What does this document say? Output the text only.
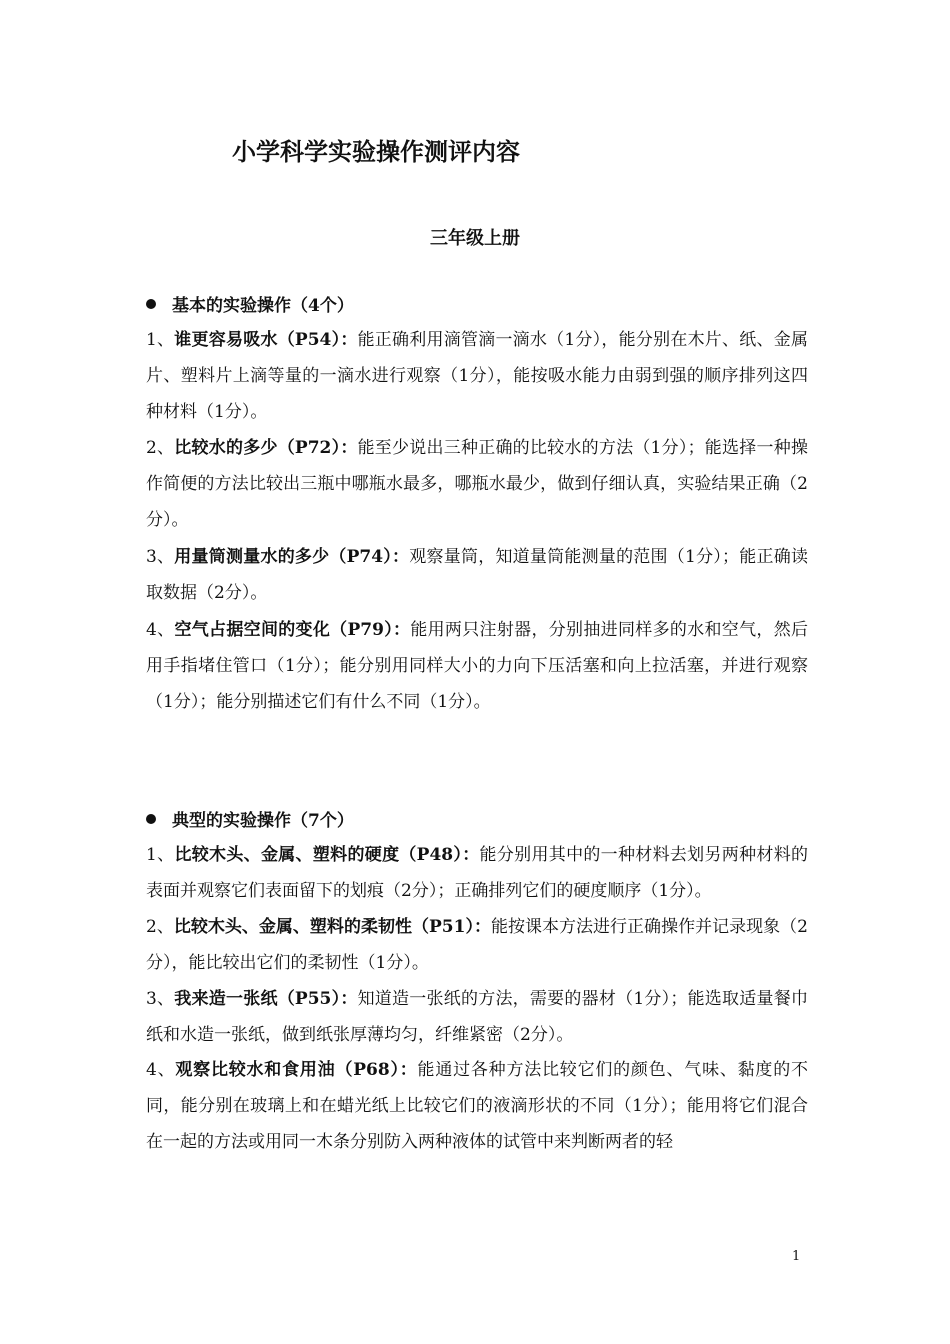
小学科学实验操作测评内容
三年级上册
基本的实验操作（4个）
1、谁更容易吸水（P54）：能正确利用滴管滴一滴水（1分），能分别在木片、纸、金属片、塑料片上滴等量的一滴水进行观察（1分），能按吸水能力由弱到强的顺序排列这四种材料（1分）。
2、比较水的多少（P72）：能至少说出三种正确的比较水的方法（1分）；能选择一种操作简便的方法比较出三瓶中哪瓶水最多，哪瓶水最少，做到仔细认真，实验结果正确（2分）。
3、用量筒测量水的多少（P74）：观察量筒，知道量筒能测量的范围（1分）；能正确读取数据（2分）。
4、空气占据空间的变化（P79）：能用两只注射器，分别抽进同样多的水和空气，然后用手指堵住管口（1分）；能分别用同样大小的力向下压活塞和向上拉活塞，并进行观察（1分）；能分别描述它们有什么不同（1分）。
典型的实验操作（7个）
1、比较木头、金属、塑料的硬度（P48）：能分别用其中的一种材料去划另两种材料的表面并观察它们表面留下的划痕（2分）；正确排列它们的硬度顺序（1分）。
2、比较木头、金属、塑料的柔韧性（P51）：能按课本方法进行正确操作并记录现象（2分），能比较出它们的柔韧性（1分）。
3、我来造一张纸（P55）：知道造一张纸的方法，需要的器材（1分）；能选取适量餐巾纸和水造一张纸，做到纸张厚薄均匀，纤维紧密（2分）。
4、观察比较水和食用油（P68）：能通过各种方法比较它们的颜色、气味、黏度的不同，能分别在玻璃上和在蜡光纸上比较它们的液滴形状的不同（1分）；能用将它们混合在一起的方法或用同一木条分别防入两种液体的试管中来判断两者的轻
1
